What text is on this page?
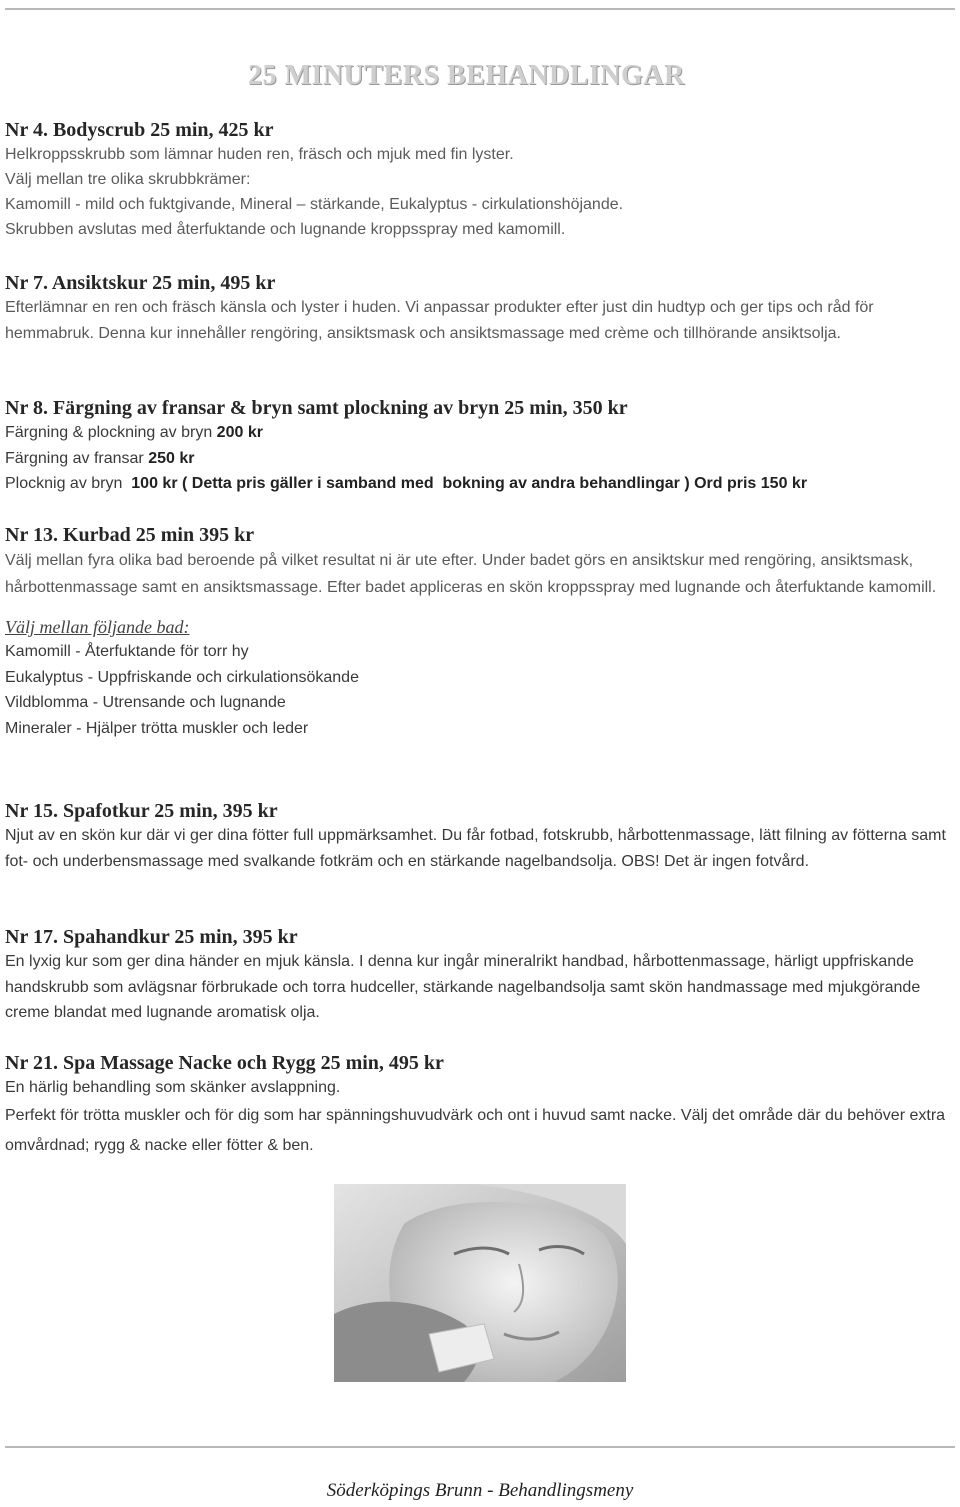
25 MINUTERS BEHANDLINGAR

Nr 4. Bodyscrub 25 min, 425 kr

Helkroppsskrubb som lämnar huden ren, fräsch och mjuk med fin lyster.

Välj mellan tre olika skrubbkrämer:

Kamomill - mild och fuktgivande, Mineral – stärkande, Eukalyptus - cirkulationshöjande.

Skrubben avslutas med återfuktande och lugnande kroppsspray med kamomill.

Nr 7. Ansiktskur 25 min, 495 kr

Efterlämnar en ren och fräsch känsla och lyster i huden. Vi anpassar produkter efter just din hudtyp och ger tips och råd för hemmabruk. Denna kur innehåller rengöring, ansiktsmask och ansiktsmassage med crème och tillhörande ansiktsolja.

Nr 8. Färgning av fransar & bryn samt plockning av bryn 25 min, 350 kr

Färgning & plockning av bryn 200 kr

Färgning av fransar 250 kr

Plocknig av bryn  100 kr ( Detta pris gäller i samband med  bokning av andra behandlingar ) Ord pris 150 kr

Nr 13. Kurbad 25 min 395 kr

Välj mellan fyra olika bad beroende på vilket resultat ni är ute efter. Under badet görs en ansiktskur med rengöring, ansiktsmask, hårbottenmassage samt en ansiktsmassage. Efter badet appliceras en skön kroppsspray med lugnande och återfuktande kamomill.

Välj mellan följande bad:

Kamomill - Återfuktande för torr hy

Eukalyptus - Uppfriskande och cirkulationsökande

Vildblomma - Utrensande och lugnande

Mineraler - Hjälper trötta muskler och leder

Nr 15. Spafotkur 25 min, 395 kr

Njut av en skön kur där vi ger dina fötter full uppmärksamhet. Du får fotbad, fotskrubb, hårbottenmassage, lätt filning av fötterna samt fot- och underbensmassage med svalkande fotkräm och en stärkande nagelbandsolja. OBS! Det är ingen fotvård.

Nr 17. Spahandkur 25 min, 395 kr

En lyxig kur som ger dina händer en mjuk känsla. I denna kur ingår mineralrikt handbad, hårbottenmassage, härligt uppfriskande handskrubb som avlägsnar förbrukade och torra hudceller, stärkande nagelbandsolja samt skön handmassage med mjukgörande creme blandat med lugnande aromatisk olja.

Nr 21. Spa Massage Nacke och Rygg 25 min, 495 kr

En härlig behandling som skänker avslappning.

Perfekt för trötta muskler och för dig som har spänningshuvudvärk och ont i huvud samt nacke. Välj det område där du behöver extra omvårdnad; rygg & nacke eller fötter & ben.

Söderköpings Brunn - Behandlingsmeny
